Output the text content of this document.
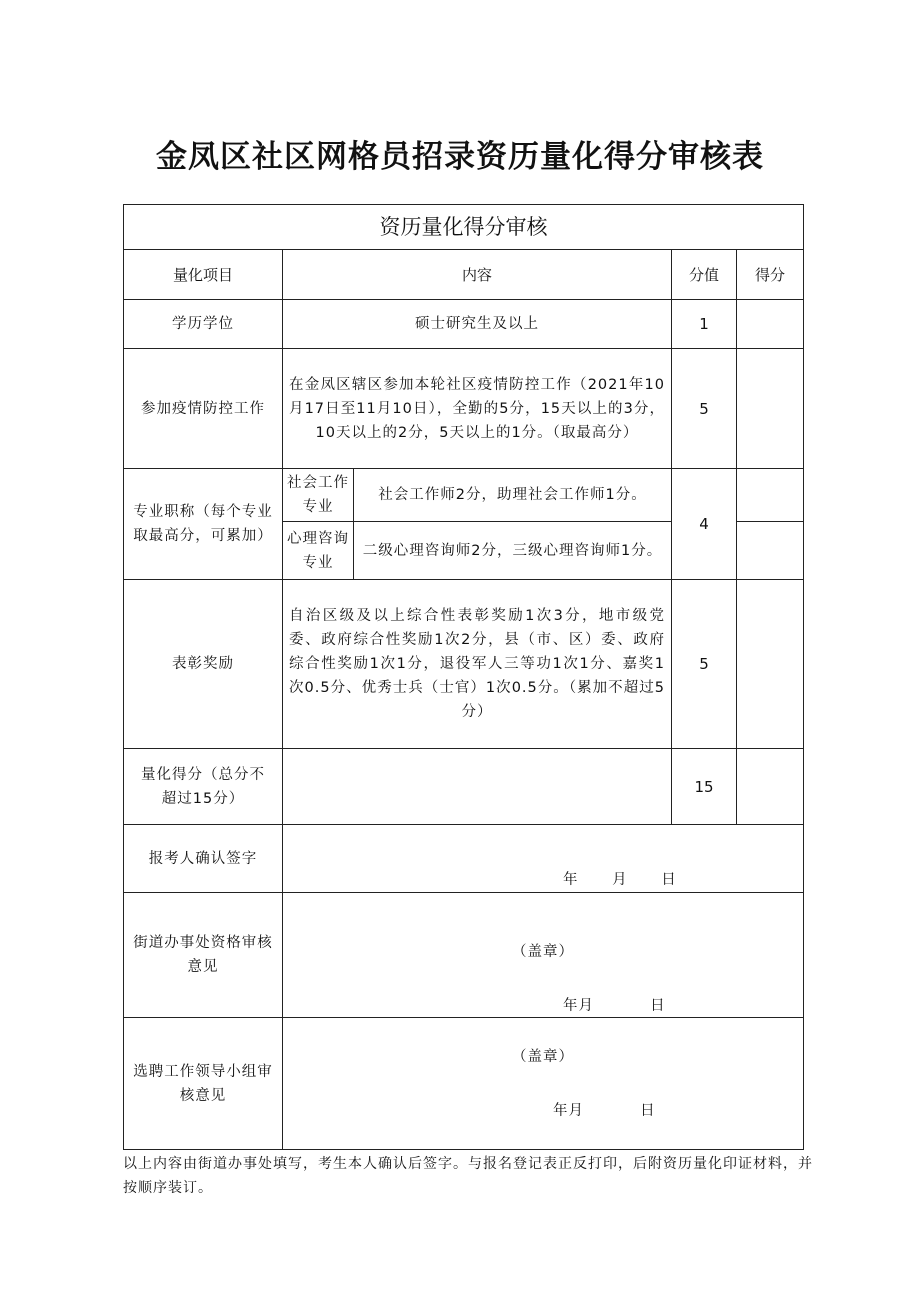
金凤区社区网格员招录资历量化得分审核表
资历量化得分审核				
量化项目	内容		分值	得分
学历学位	硕士研究生及以上		1	
参加疫情防控工作	在金凤区辖区参加本轮社区疫情防控工作（2021年10月17日至11月10日），全勤的5分，15天以上的3分，10天以上的2分，5天以上的1分。（取最高分）		5	
专业职称（每个专业取最高分，可累加）	社会工作专业	社会工作师2分，助理社会工作师1分。	4	
	心理咨询专业	二级心理咨询师2分，三级心理咨询师1分。		
表彰奖励	自治区级及以上综合性表彰奖励1次3分，地市级党委、政府综合性奖励1次2分，县（市、区）委、政府综合性奖励1次1分，退役军人三等功1次1分、嘉奖1次0.5分、优秀士兵（士官）1次0.5分。（累加不超过5分）		5	
量化得分（总分不超过15分）			15	
报考人确认签字	年      月      日			

街道办事处资格审核意见	（盖章）
年月          日			

选聘工作领导小组审核意见	（盖章）
年月          日			
以上内容由街道办事处填写，考生本人确认后签字。与报名登记表正反打印，后附资历量化印证材料，并按顺序装订。
